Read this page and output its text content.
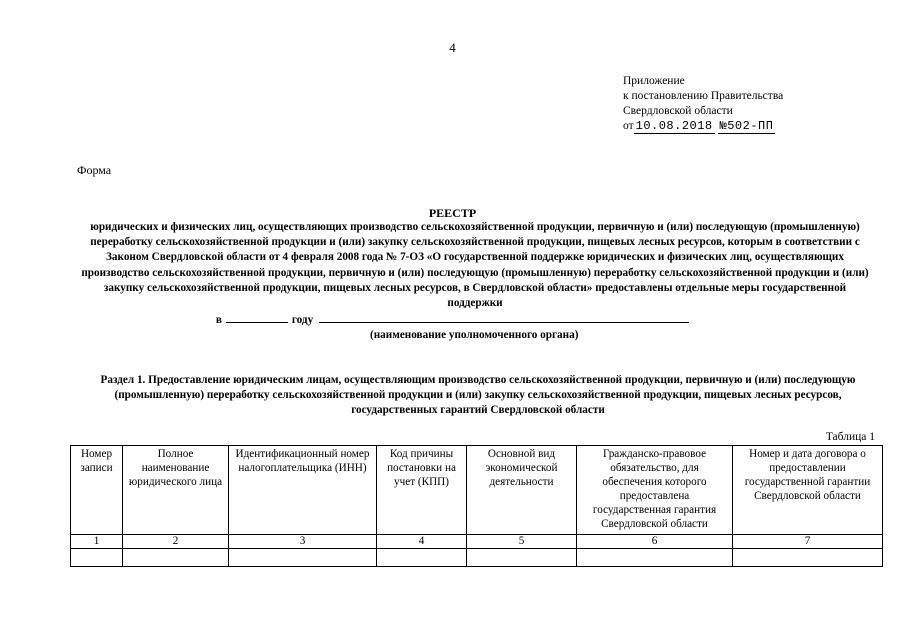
4
Приложение
к постановлению Правительства
Свердловской области
от 10.08.2018 №502-ПП
Форма
РЕЕСТР
юридических и физических лиц, осуществляющих производство сельскохозяйственной продукции, первичную и (или) последующую (промышленную) переработку сельскохозяйственной продукции и (или) закупку сельскохозяйственной продукции, пищевых лесных ресурсов, которым в соответствии с Законом Свердловской области от 4 февраля 2008 года № 7-ОЗ «О государственной поддержке юридических и физических лиц, осуществляющих производство сельскохозяйственной продукции, первичную и (или) последующую (промышленную) переработку сельскохозяйственной продукции и (или) закупку сельскохозяйственной продукции, пищевых лесных ресурсов, в Свердловской области» предоставлены отдельные меры государственной поддержки
в	году
(наименование уполномоченного органа)
Раздел 1. Предоставление юридическим лицам, осуществляющим производство сельскохозяйственной продукции, первичную и (или) последующую (промышленную) переработку сельскохозяйственной продукции и (или) закупку сельскохозяйственной продукции, пищевых лесных ресурсов, государственных гарантий Свердловской области
Таблица 1
Номер записи	Полное наименование юридического лица	Идентификационный номер налогоплательщика (ИНН)	Код причины постановки на учет (КПП)	Основной вид экономической деятельности	Гражданско-правовое обязательство, для обеспечения которого предоставлена государственная гарантия Свердловской области	Номер и дата договора о предоставлении государственной гарантии Свердловской области
1	2	3	4	5	6	7
